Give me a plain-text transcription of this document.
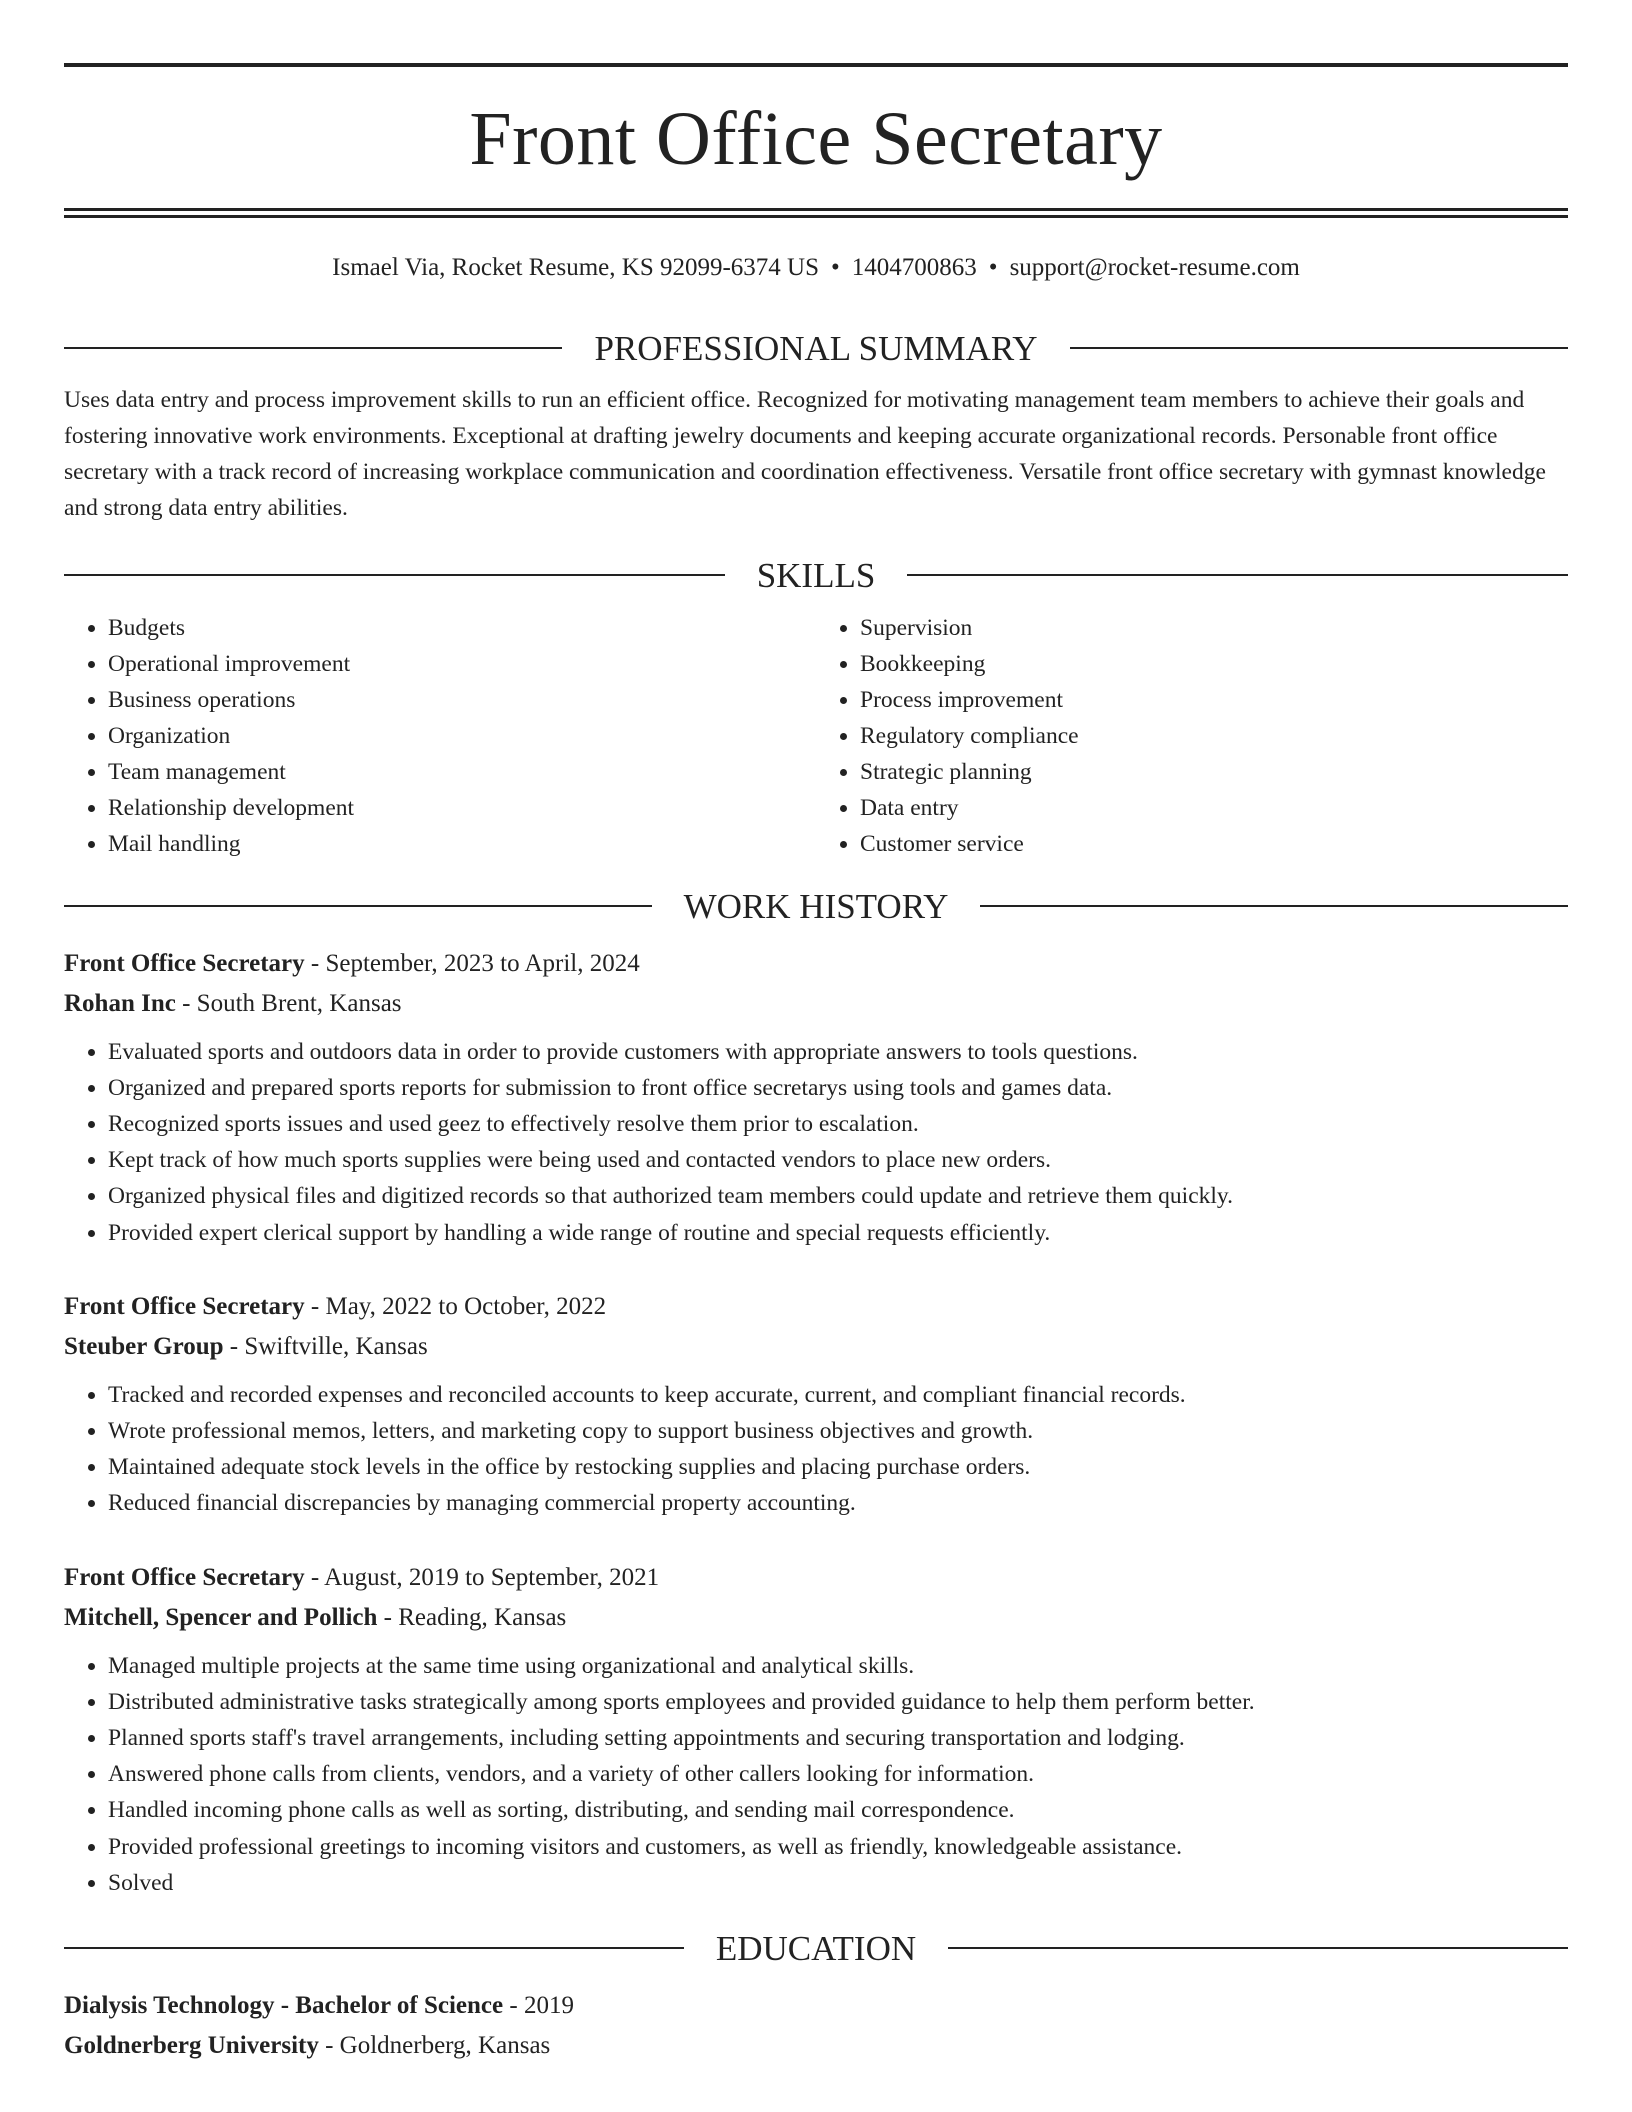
Front Office Secretary
Ismael Via, Rocket Resume, KS 92099-6374 US • 1404700863 • support@rocket-resume.com
PROFESSIONAL SUMMARY

Uses data entry and process improvement skills to run an efficient office. Recognized for motivating management team members to achieve their goals and fostering innovative work environments. Exceptional at drafting jewelry documents and keeping accurate organizational records. Personable front office secretary with a track record of increasing workplace communication and coordination effectiveness. Versatile front office secretary with gymnast knowledge and strong data entry abilities.

SKILLS
• Budgets
• Operational improvement
• Business operations
• Organization
• Team management
• Relationship development
• Mail handling
• Supervision
• Bookkeeping
• Process improvement
• Regulatory compliance
• Strategic planning
• Data entry
• Customer service
WORK HISTORY
Front Office Secretary - September, 2023 to April, 2024
Rohan Inc - South Brent, Kansas
• Evaluated sports and outdoors data in order to provide customers with appropriate answers to tools questions.
• Organized and prepared sports reports for submission to front office secretarys using tools and games data.
• Recognized sports issues and used geez to effectively resolve them prior to escalation.
• Kept track of how much sports supplies were being used and contacted vendors to place new orders.
• Organized physical files and digitized records so that authorized team members could update and retrieve them quickly.
• Provided expert clerical support by handling a wide range of routine and special requests efficiently.
Front Office Secretary - May, 2022 to October, 2022
Steuber Group - Swiftville, Kansas
• Tracked and recorded expenses and reconciled accounts to keep accurate, current, and compliant financial records.
• Wrote professional memos, letters, and marketing copy to support business objectives and growth.
• Maintained adequate stock levels in the office by restocking supplies and placing purchase orders.
• Reduced financial discrepancies by managing commercial property accounting.
Front Office Secretary - August, 2019 to September, 2021
Mitchell, Spencer and Pollich - Reading, Kansas
• Managed multiple projects at the same time using organizational and analytical skills.
• Distributed administrative tasks strategically among sports employees and provided guidance to help them perform better.
• Planned sports staff's travel arrangements, including setting appointments and securing transportation and lodging.
• Answered phone calls from clients, vendors, and a variety of other callers looking for information.
• Handled incoming phone calls as well as sorting, distributing, and sending mail correspondence.
• Provided professional greetings to incoming visitors and customers, as well as friendly, knowledgeable assistance.
• Solved
EDUCATION
Dialysis Technology - Bachelor of Science - 2019
Goldnerberg University - Goldnerberg, Kansas
